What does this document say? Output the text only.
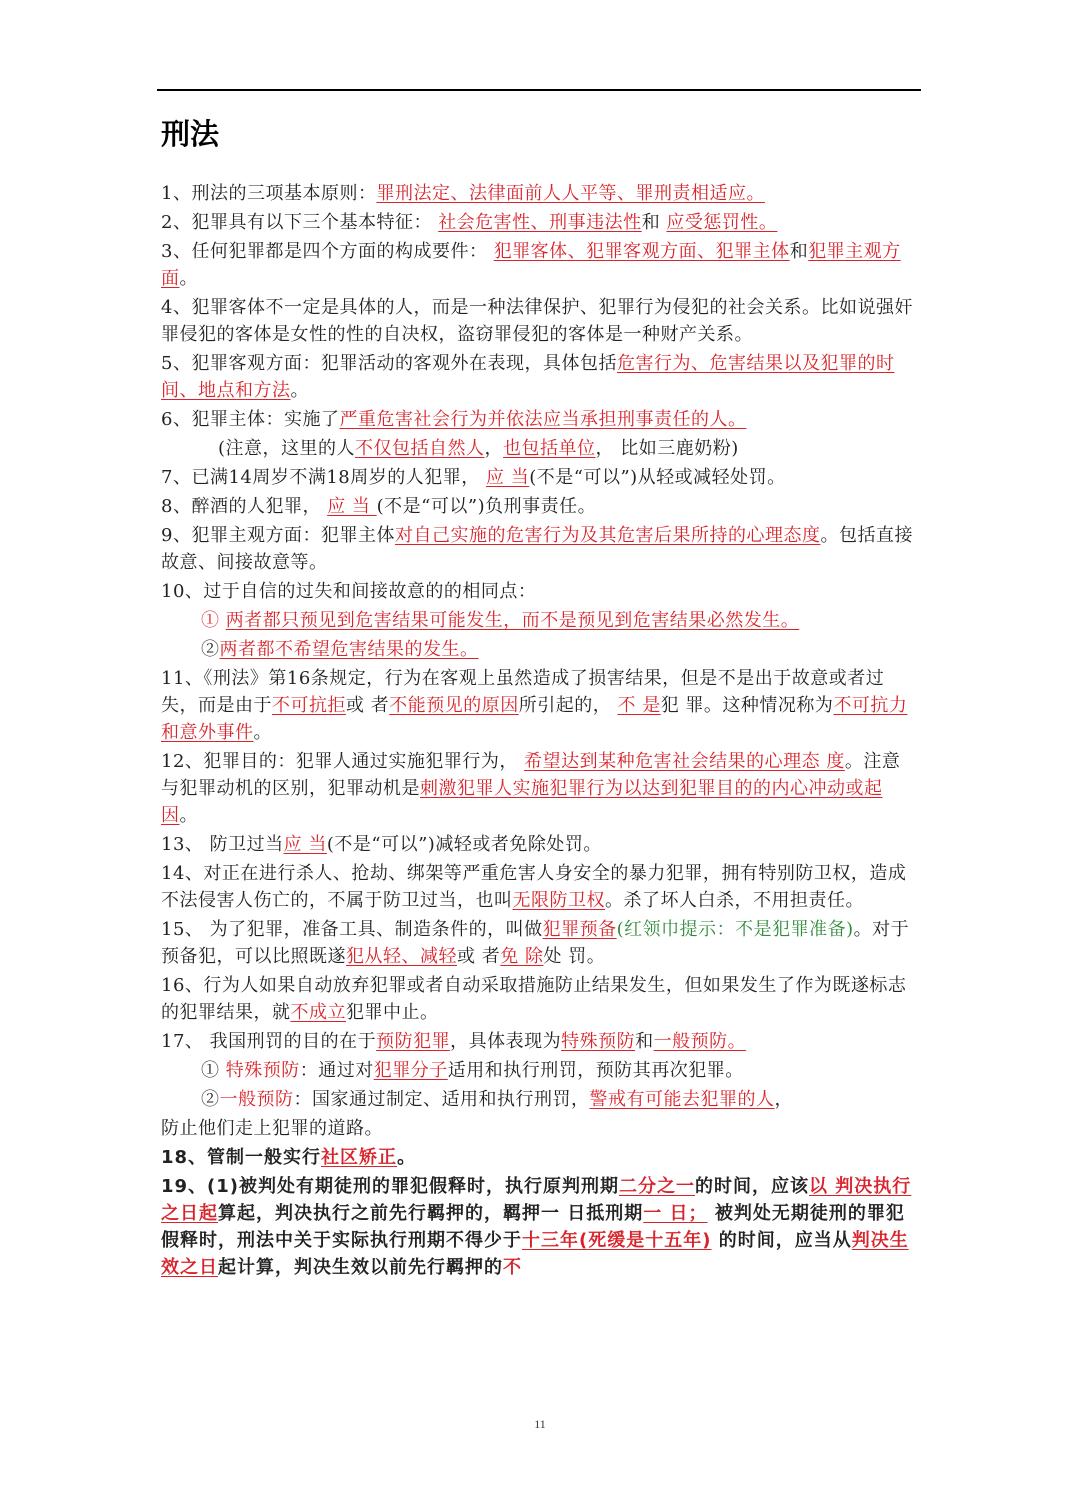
刑法

1、刑法的三项基本原则：罪刑法定、法律面前人人平等、罪刑责相适应。

2、犯罪具有以下三个基本特征： 社会危害性、刑事违法性和 应受惩罚性。

3、任何犯罪都是四个方面的构成要件： 犯罪客体、犯罪客观方面、犯罪主体和犯罪主观方面。

4、犯罪客体不一定是具体的人，而是一种法律保护、犯罪行为侵犯的社会关系。比如说强奸罪侵犯的客体是女性的性的自决权，盗窃罪侵犯的客体是一种财产关系。

5、犯罪客观方面：犯罪活动的客观外在表现，具体包括危害行为、危害结果以及犯罪的时间、地点和方法。

6、犯罪主体：实施了严重危害社会行为并依法应当承担刑事责任的人。

(注意，这里的人不仅包括自然人，也包括单位， 比如三鹿奶粉)

7、已满14周岁不满18周岁的人犯罪， 应 当(不是“可以”)从轻或减轻处罚。

8、醉酒的人犯罪， 应 当 (不是“可以”)负刑事责任。

9、犯罪主观方面：犯罪主体对自己实施的危害行为及其危害后果所持的心理态度。包括直接故意、间接故意等。

10、过于自信的过失和间接故意的的相同点：

① 两者都只预见到危害结果可能发生，而不是预见到危害结果必然发生。

②两者都不希望危害结果的发生。

11、《刑法》第16条规定，行为在客观上虽然造成了损害结果，但是不是出于故意或者过失，而是由于不可抗拒或 者不能预见的原因所引起的， 不 是犯 罪。这种情况称为不可抗力和意外事件。

12、犯罪目的：犯罪人通过实施犯罪行为， 希望达到某种危害社会结果的心理态 度。注意与犯罪动机的区别，犯罪动机是刺激犯罪人实施犯罪行为以达到犯罪目的的内心冲动或起因。

13、 防卫过当应 当(不是“可以”)减轻或者免除处罚。

14、对正在进行杀人、抢劫、绑架等严重危害人身安全的暴力犯罪，拥有特别防卫权，造成不法侵害人伤亡的，不属于防卫过当，也叫无限防卫权。杀了坏人白杀，不用担责任。

15、 为了犯罪，准备工具、制造条件的，叫做犯罪预备(红领巾提示：不是犯罪准备)。对于预备犯，可以比照既遂犯从轻、减轻或 者免 除处 罚。

16、行为人如果自动放弃犯罪或者自动采取措施防止结果发生，但如果发生了作为既遂标志的犯罪结果，就不成立犯罪中止。

17、 我国刑罚的目的在于预防犯罪，具体表现为特殊预防和一般预防。

① 特殊预防：通过对犯罪分子适用和执行刑罚，预防其再次犯罪。

②一般预防：国家通过制定、适用和执行刑罚，警戒有可能去犯罪的人，

防止他们走上犯罪的道路。

18、管制一般实行社区矫正。

19、(1)被判处有期徒刑的罪犯假释时，执行原判刑期二分之一的时间，应该以 判决执行之日起算起，判决执行之前先行羁押的，羁押一 日抵刑期一 日； 被判处无期徒刑的罪犯假释时，刑法中关于实际执行刑期不得少于十三年(死缓是十五年) 的时间，应当从判决生效之日起计算，判决生效以前先行羁押的不

11
